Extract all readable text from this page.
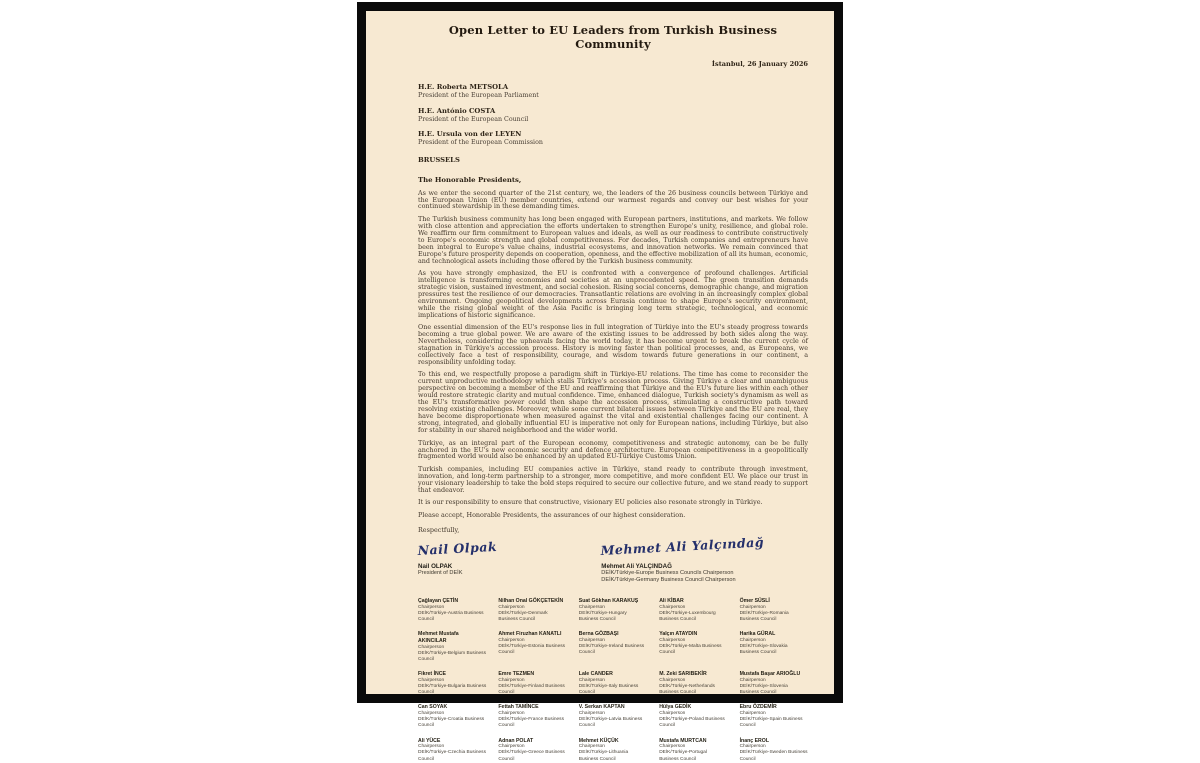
Open Letter to EU Leaders from Turkish Business Community
İstanbul, 26 January 2026
H.E. Roberta METSOLA
President of the European Parliament
H.E. António COSTA
President of the European Council
H.E. Ursula von der LEYEN
President of the European Commission
BRUSSELS
The Honorable Presidents,

As we enter the second quarter of the 21st century, we, the leaders of the 26 business councils between Türkiye and the European Union (EU) member countries, extend our warmest regards and convey our best wishes for your continued stewardship in these demanding times.

The Turkish business community has long been engaged with European partners, institutions, and markets. We follow with close attention and appreciation the efforts undertaken to strengthen Europe's unity, resilience, and global role. We reaffirm our firm commitment to European values and ideals, as well as our readiness to contribute constructively to Europe's economic strength and global competitiveness. For decades, Turkish companies and entrepreneurs have been integral to Europe's value chains, industrial ecosystems, and innovation networks. We remain convinced that Europe's future prosperity depends on cooperation, openness, and the effective mobilization of all its human, economic, and technological assets including those offered by the Turkish business community.

As you have strongly emphasized, the EU is confronted with a convergence of profound challenges. Artificial intelligence is transforming economies and societies at an unprecedented speed. The green transition demands strategic vision, sustained investment, and social cohesion. Rising social concerns, demographic change, and migration pressures test the resilience of our democracies. Transatlantic relations are evolving in an increasingly complex global environment. Ongoing geopolitical developments across Eurasia continue to shape Europe's security environment, while the rising global weight of the Asia Pacific is bringing long term strategic, technological, and economic implications of historic significance.

One essential dimension of the EU's response lies in full integration of Türkiye into the EU's steady progress towards becoming a true global power. We are aware of the existing issues to be addressed by both sides along the way. Nevertheless, considering the upheavals facing the world today, it has become urgent to break the current cycle of stagnation in Türkiye's accession process. History is moving faster than political processes, and, as Europeans, we collectively face a test of responsibility, courage, and wisdom towards future generations in our continent, a responsibility unfolding today.

To this end, we respectfully propose a paradigm shift in Türkiye-EU relations. The time has come to reconsider the current unproductive methodology which stalls Türkiye's accession process. Giving Türkiye a clear and unambiguous perspective on becoming a member of the EU and reaffirming that Türkiye and the EU's future lies within each other would restore strategic clarity and mutual confidence. Time, enhanced dialogue, Turkish society's dynamism as well as the EU's transformative power could then shape the accession process, stimulating a constructive path toward resolving existing challenges. Moreover, while some current bilateral issues between Türkiye and the EU are real, they have become disproportionate when measured against the vital and existential challenges facing our continent. A strong, integrated, and globally influential EU is imperative not only for European nations, including Türkiye, but also for stability in our shared neighborhood and the wider world.

Türkiye, as an integral part of the European economy, competitiveness and strategic autonomy, can be be fully anchored in the EU's new economic security and defence architecture. European competitiveness in a geopolitically fragmented world would also be enhanced by an updated EU-Türkiye Customs Union.

Turkish companies, including EU companies active in Türkiye, stand ready to contribute through investment, innovation, and long-term partnership to a stronger, more competitive, and more confident EU. We place our trust in your visionary leadership to take the bold steps required to secure our collective future, and we stand ready to support that endeavor.

It is our responsibility to ensure that constructive, visionary EU policies also resonate strongly in Türkiye.

Please accept, Honorable Presidents, the assurances of our highest consideration.

Respectfully,
Nail Olpak
Nail OLPAK
President of DEİK
Mehmet Ali Yalçındağ
Mehmet Ali YALÇINDAĞ
DEİK/Türkiye-Europe Business Councils Chairperson
DEİK/Türkiye-Germany Business Council Chairperson
Çağlayan ÇETİN
Chairperson
DEİK/Türkiye-Austria Business Council
Nilhan Onal GÖKÇETEKİN
Chairperson
DEİK/Türkiye-Denmark Business Council
Suat Gökhan KARAKUŞ
Chairperson
DEİK/Türkiye-Hungary Business Council
Ali KİBAR
Chairperson
DEİK/Türkiye-Luxembourg Business Council
Ömer SÜSLİ
Chairperson
DEİK/Türkiye-Romania Business Council
Mehmet Mustafa AKINCILAR
Chairperson
DEİK/Türkiye-Belgium Business Council
Ahmet Firuzhan KANATLI
Chairperson
DEİK/Türkiye-Estonia Business Council
Berna GÖZBAŞI
Chairperson
DEİK/Türkiye-Ireland Business Council
Yalçın ATAYDIN
Chairperson
DEİK/Türkiye-Malta Business Council
Harika GÜRAL
Chairperson
DEİK/Türkiye-Slovakia Business Council
Fikret İNCE
Chairperson
DEİK/Türkiye-Bulgaria Business Council
Emre TEZMEN
Chairperson
DEİK/Türkiye-Finland Business Council
Lale CANDER
Chairperson
DEİK/Türkiye-Italy Business Council
M. Zeki SARIBEKİR
Chairperson
DEİK/Türkiye-Netherlands Business Council
Mustafa Başar ARIOĞLU
Chairperson
DEİK/Türkiye-Slovenia Business Council
Can SOYAK
Chairperson
DEİK/Türkiye-Croatia Business Council
Fettah TAMİNCE
Chairperson
DEİK/Türkiye-France Business Council
V. Serkan KAPTAN
Chairperson
DEİK/Türkiye-Latvia Business Council
Hülya GEDİK
Chairperson
DEİK/Türkiye-Poland Business Council
Ebru ÖZDEMİR
Chairperson
DEİK/Türkiye-Spain Business Council
Ali YÜCE
Chairperson
DEİK/Türkiye-Czechia Business Council
Adnan POLAT
Chairperson
DEİK/Türkiye-Greece Business Council
Mehmet KÜÇÜK
Chairperson
DEİK/Türkiye-Lithuania Business Council
Mustafa MURTCAN
Chairperson
DEİK/Türkiye-Portugal Business Council
İnanç EROL
Chairperson
DEİK/Türkiye-Sweden Business Council
